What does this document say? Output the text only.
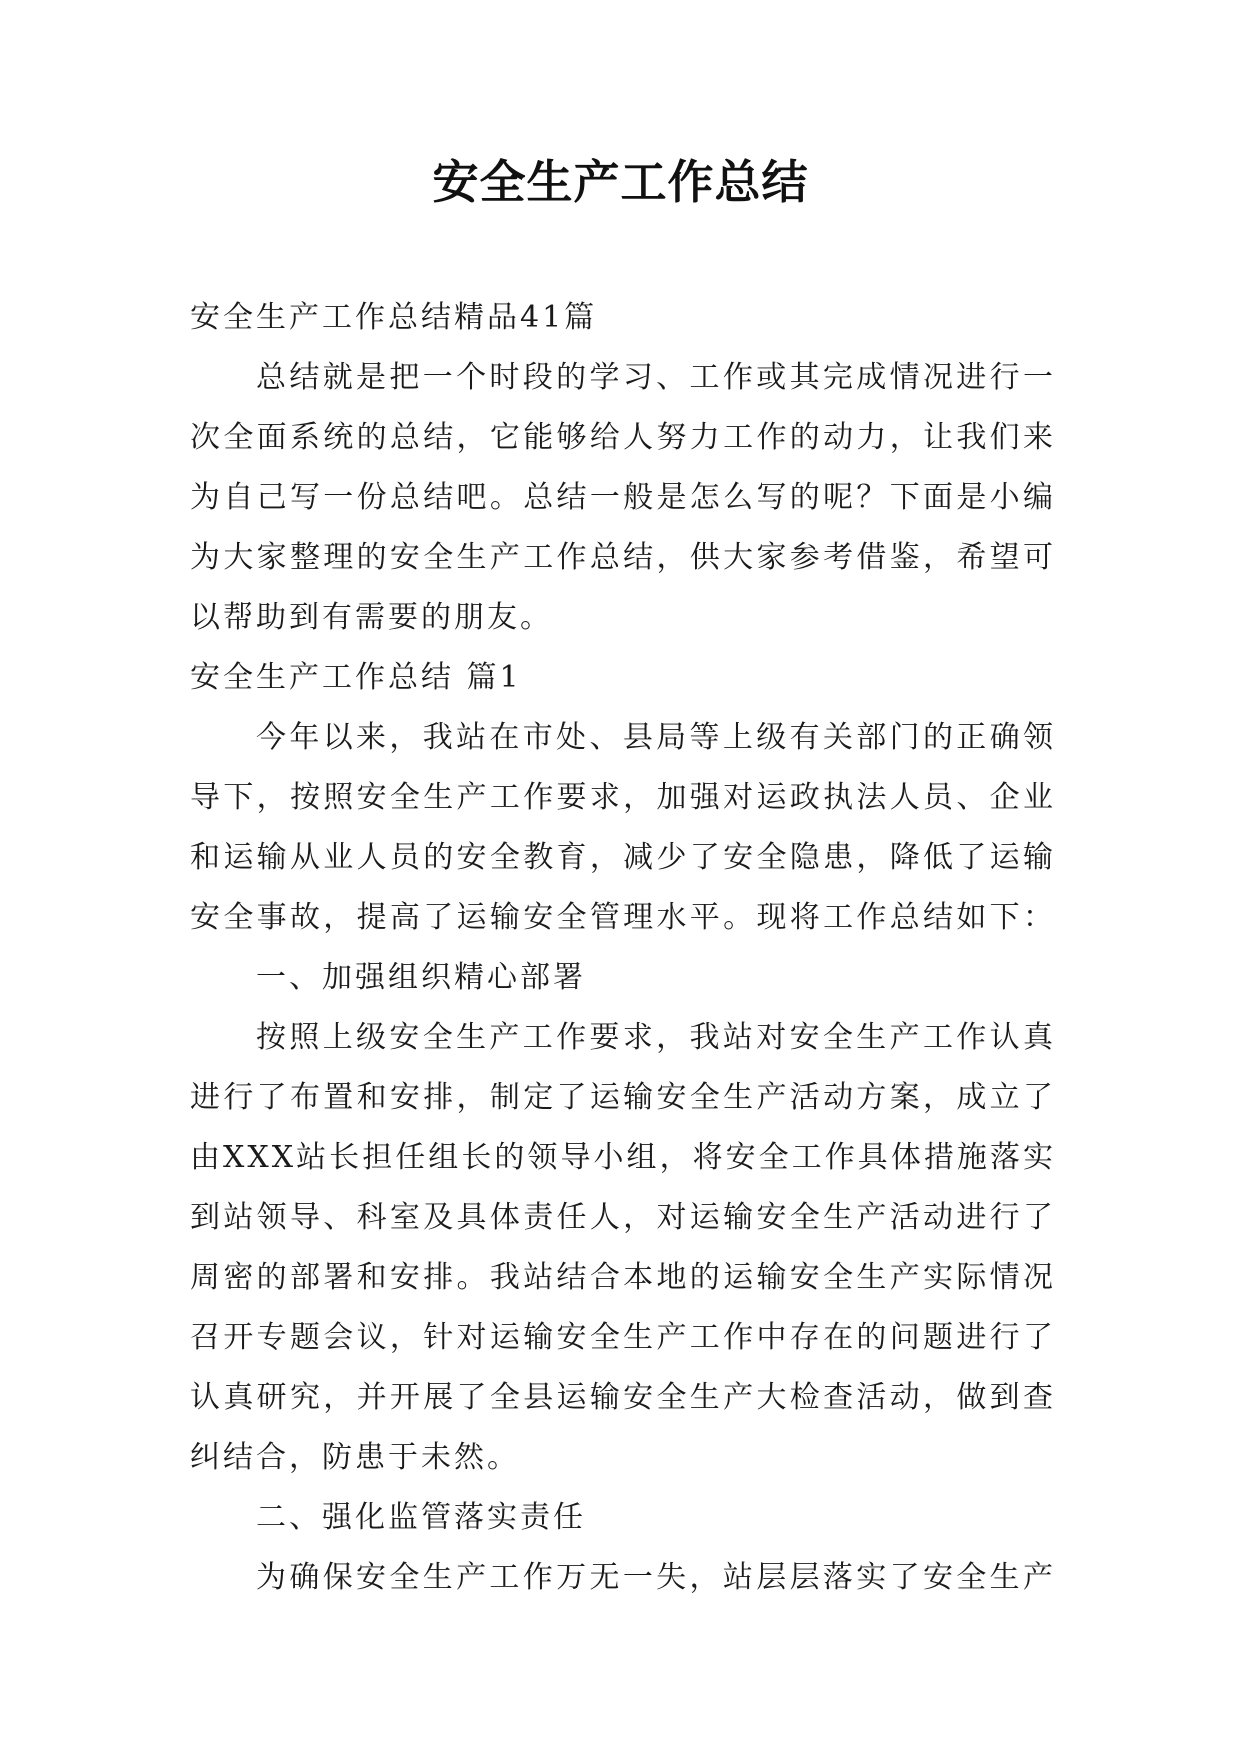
安全生产工作总结
安全生产工作总结精品41篇
总结就是把一个时段的学习、工作或其完成情况进行一
次全面系统的总结，它能够给人努力工作的动力，让我们来
为自己写一份总结吧。总结一般是怎么写的呢？下面是小编
为大家整理的安全生产工作总结，供大家参考借鉴，希望可
以帮助到有需要的朋友。
安全生产工作总结 篇1
今年以来，我站在市处、县局等上级有关部门的正确领
导下，按照安全生产工作要求，加强对运政执法人员、企业
和运输从业人员的安全教育，减少了安全隐患，降低了运输
安全事故，提高了运输安全管理水平。现将工作总结如下：
一、加强组织精心部署
按照上级安全生产工作要求，我站对安全生产工作认真
进行了布置和安排，制定了运输安全生产活动方案，成立了
由XXX站长担任组长的领导小组，将安全工作具体措施落实
到站领导、科室及具体责任人，对运输安全生产活动进行了
周密的部署和安排。我站结合本地的运输安全生产实际情况
召开专题会议，针对运输安全生产工作中存在的问题进行了
认真研究，并开展了全县运输安全生产大检查活动，做到查
纠结合，防患于未然。
二、强化监管落实责任
为确保安全生产工作万无一失，站层层落实了安全生产
